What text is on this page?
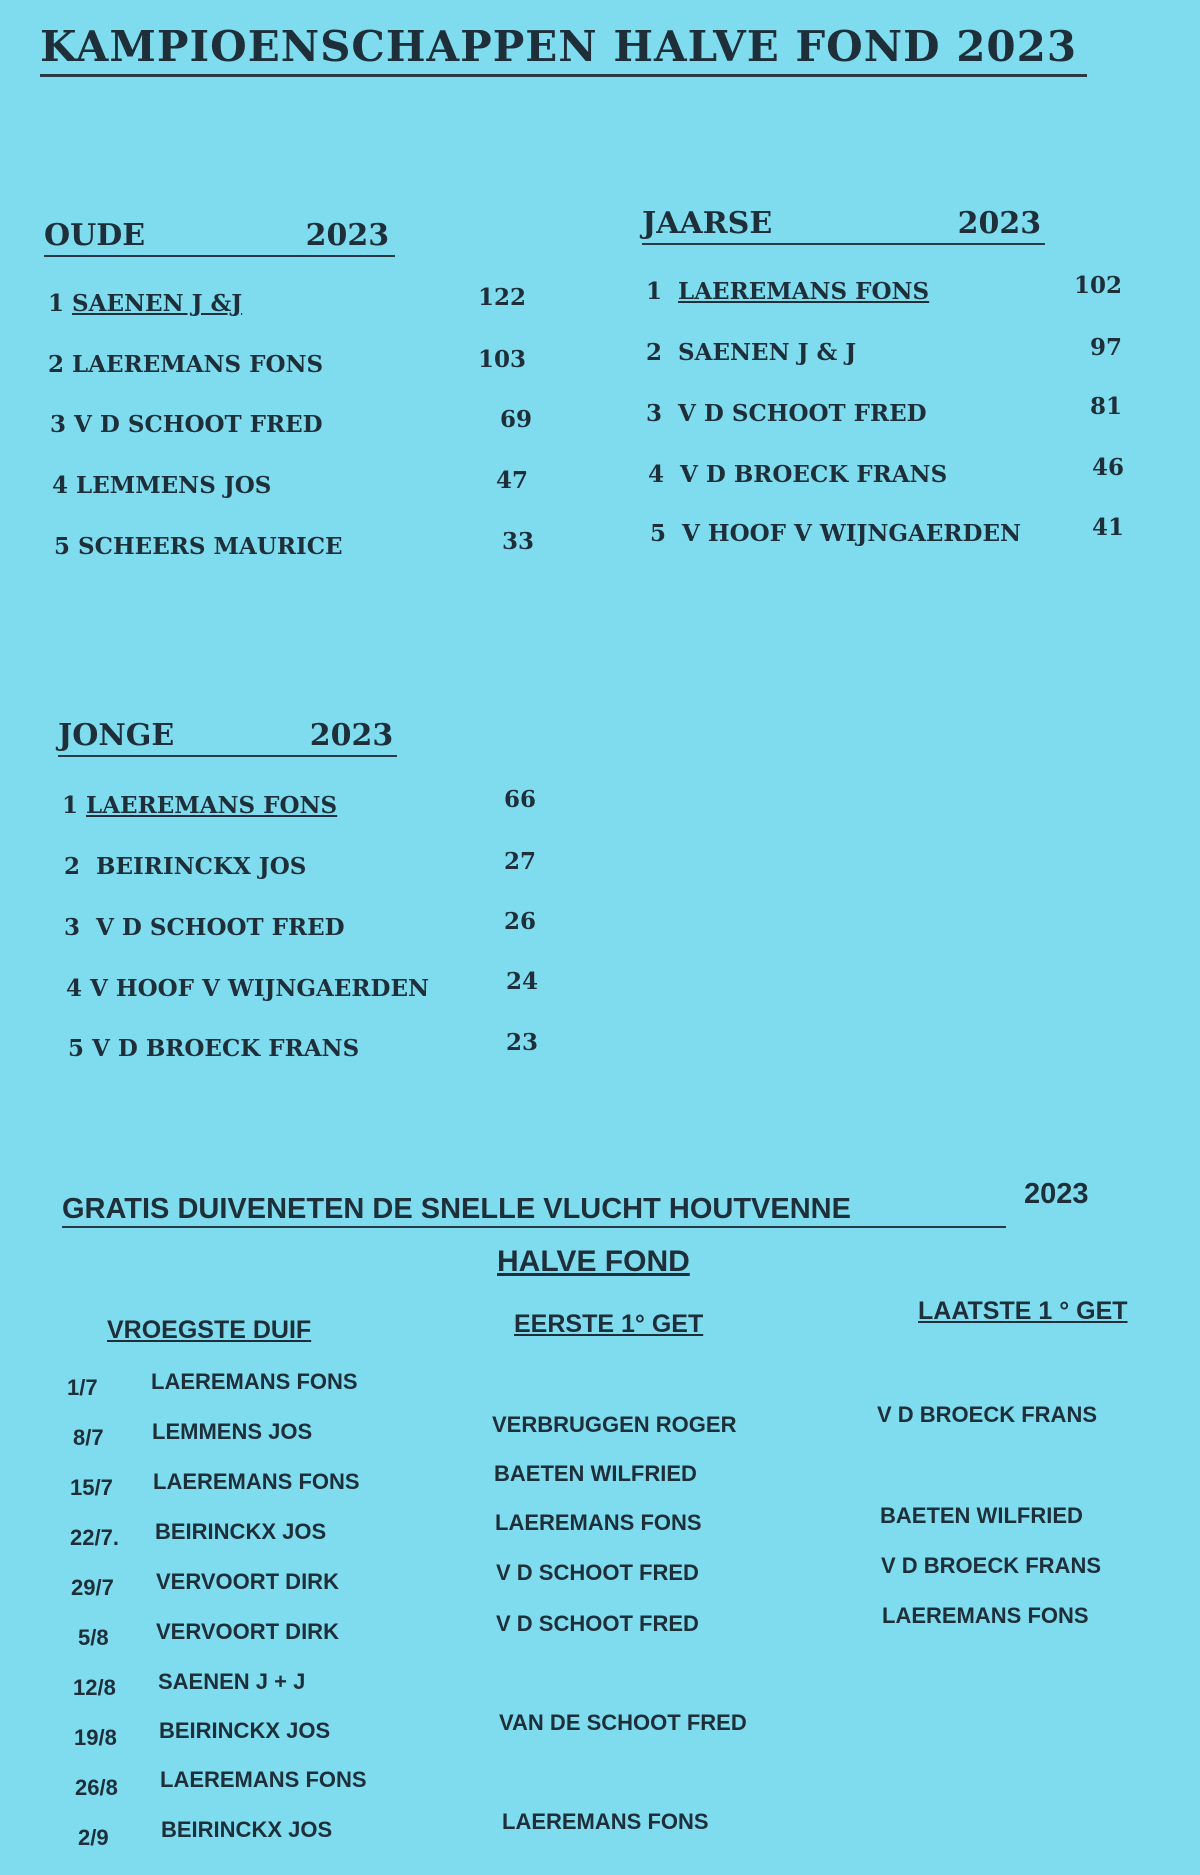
KAMPIOENSCHAPPEN HALVE FOND 2023
OUDE	2023
1 SAENEN J &J	122
2 LAEREMANS FONS	103
3 V D SCHOOT FRED	69
4 LEMMENS JOS	47
5 SCHEERS MAURICE	33
JAARSE	2023
1 LAEREMANS FONS	102
2 SAENEN J & J	97
3 V D SCHOOT FRED	81
4 V D BROECK FRANS	46
5 V HOOF V WIJNGAERDEN	41
JONGE	2023
1 LAEREMANS FONS	66
2 BEIRINCKX JOS	27
3 V D SCHOOT FRED	26
4 V HOOF V WIJNGAERDEN	24
5 V D BROECK FRANS	23
GRATIS DUIVENETEN DE SNELLE VLUCHT HOUTVENNE	2023
HALVE FOND
VROEGSTE DUIF	EERSTE 1° GET	LAATSTE 1 ° GET
1/7 LAEREMANS FONS
8/7 LEMMENS JOS	VERBRUGGEN ROGER	V D BROECK FRANS
15/7 LAEREMANS FONS	BAETEN WILFRIED
22/7. BEIRINCKX JOS	LAEREMANS FONS	BAETEN WILFRIED
29/7 VERVOORT DIRK	V D SCHOOT FRED	V D BROECK FRANS
5/8 VERVOORT DIRK	V D SCHOOT FRED	LAEREMANS FONS
12/8 SAENEN J + J
19/8 BEIRINCKX JOS	VAN DE SCHOOT FRED
26/8 LAEREMANS FONS
2/9 BEIRINCKX JOS	LAEREMANS FONS
